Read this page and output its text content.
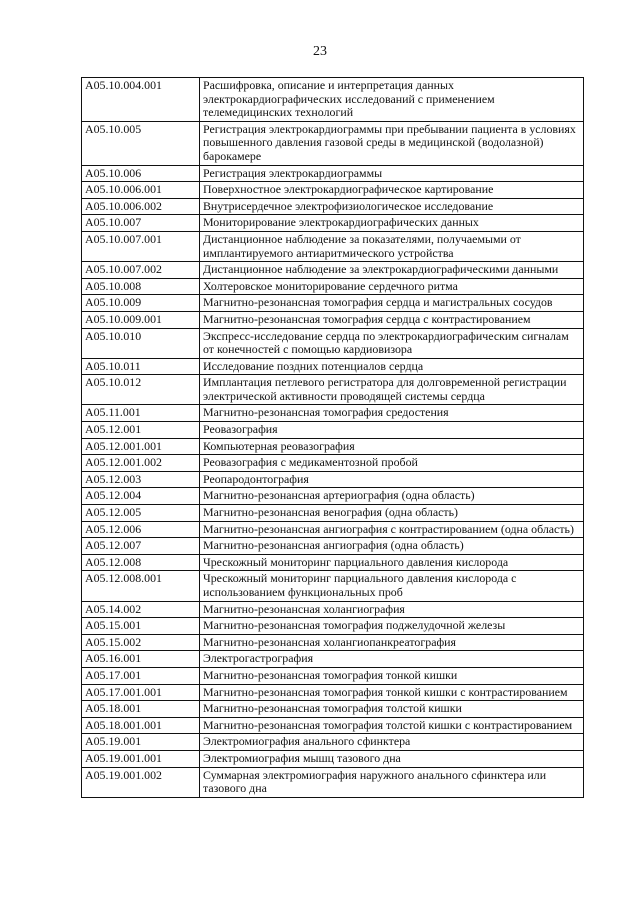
23
A05.10.004.001	Расшифровка, описание и интерпретация данных электрокардиографических исследований с применением телемедицинских технологий
A05.10.005	Регистрация электрокардиограммы при пребывании пациента в условиях повышенного давления газовой среды в медицинской (водолазной) барокамере
A05.10.006	Регистрация электрокардиограммы
A05.10.006.001	Поверхностное электрокардиографическое картирование
A05.10.006.002	Внутрисердечное электрофизиологическое исследование
A05.10.007	Мониторирование электрокардиографических данных
A05.10.007.001	Дистанционное наблюдение за показателями, получаемыми от имплантируемого антиаритмического устройства
A05.10.007.002	Дистанционное наблюдение за электрокардиографическими данными
A05.10.008	Холтеровское мониторирование сердечного ритма
A05.10.009	Магнитно-резонансная томография сердца и магистральных сосудов
A05.10.009.001	Магнитно-резонансная томография сердца с контрастированием
A05.10.010	Экспресс-исследование сердца по электрокардиографическим сигналам от конечностей с помощью кардиовизора
A05.10.011	Исследование поздних потенциалов сердца
A05.10.012	Имплантация петлевого регистратора для долговременной регистрации электрической активности проводящей системы сердца
A05.11.001	Магнитно-резонансная томография средостения
A05.12.001	Реовазография
A05.12.001.001	Компьютерная реовазография
A05.12.001.002	Реовазография с медикаментозной пробой
A05.12.003	Реопародонтография
A05.12.004	Магнитно-резонансная артериография (одна область)
A05.12.005	Магнитно-резонансная венография (одна область)
A05.12.006	Магнитно-резонансная ангиография с контрастированием (одна область)
A05.12.007	Магнитно-резонансная ангиография (одна область)
A05.12.008	Чрескожный мониторинг парциального давления кислорода
A05.12.008.001	Чрескожный мониторинг парциального давления кислорода с использованием функциональных проб
A05.14.002	Магнитно-резонансная холангиография
A05.15.001	Магнитно-резонансная томография поджелудочной железы
A05.15.002	Магнитно-резонансная холангиопанкреатография
A05.16.001	Электрогастрография
A05.17.001	Магнитно-резонансная томография тонкой кишки
A05.17.001.001	Магнитно-резонансная томография тонкой кишки с контрастированием
A05.18.001	Магнитно-резонансная томография толстой кишки
A05.18.001.001	Магнитно-резонансная томография толстой кишки с контрастированием
A05.19.001	Электромиография анального сфинктера
A05.19.001.001	Электромиография мышц тазового дна
A05.19.001.002	Суммарная электромиография наружного анального сфинктера или тазового дна
